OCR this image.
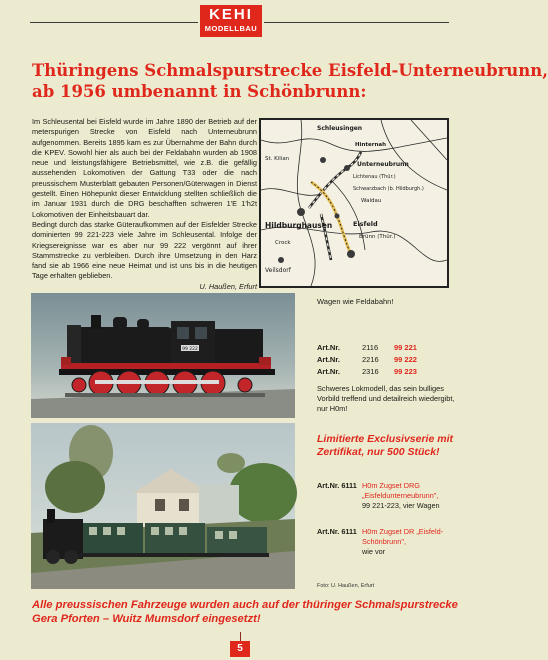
KEHI
MODELLBAU
Thüringens Schmalspurstrecke Eisfeld-Unterneubrunn,
ab 1956 umbenannt in Schönbrunn:

Im Schleusental bei Eisfeld wurde im Jahre 1890 der Betrieb auf der meterspurigen Strecke von Eisfeld nach Unterneubrunn aufgenommen. Bereits 1895 kam es zur Übernahme der Bahn durch die KPEV. Sowohl hier als auch bei der Feldabahn wurden ab 1908 neue und leistungsfähigere Betriebsmittel, wie z.B. die gefällig aussehenden Lokomotiven der Gattung T33 oder die nach preussischem Musterblatt gebauten Personen/Güterwagen in Dienst gestellt. Einen Höhepunkt dieser Entwicklung stellten schließlich die im Januar 1931 durch die DRG beschafften schweren 1'E 1'h2t Lokomotiven der Einheitsbauart dar.

Bedingt durch das starke Güteraufkommen auf der Eisfelder Strecke dominierten 99 221-223 viele Jahre im Schleusental. Infolge der Kriegsereignisse war es aber nur 99 222 vergönnt auf ihrer Stammstrecke zu verbleiben. Durch ihre Umsetzung in den Harz fand sie ab 1966 eine neue Heimat und ist uns bis in die heutigen Tage erhalten geblieben.

U. Haußen, Erfurt
Schleusingen
Hinternah
St. Kilian
Unterneubrunn
Lichtenau (Thür.)
Schwarzbach (b. Hildburgh.)
Waldau
Eisfeld
Brünn (Thür.)
Hildburghausen
Crock
Veilsdorf
99 222
Wagen wie Feldabahn!
Art.Nr.	2116	99 221
Art.Nr.	2216	99 222
Art.Nr.	2316	99 223

Schweres Lokmodell, das sein bulliges Vorbild treffend und detailreich wiedergibt, nur H0m!

Limitierte Exclusivserie mit Zertifikat, nur 500 Stück!

Art.Nr. 6111 H0m Zugset DRG „Eisfeldunterneubrunn",
99 221-223, vier Wagen
Art.Nr. 6111 H0m Zugset DR „Eisfeld-Schönbrunn",
wie vor
Foto: U. Haußen, Erfurt

Alle preussischen Fahrzeuge wurden auch auf der thüringer Schmalspurstrecke Gera Pforten – Wuitz Mumsdorf eingesetzt!

5
